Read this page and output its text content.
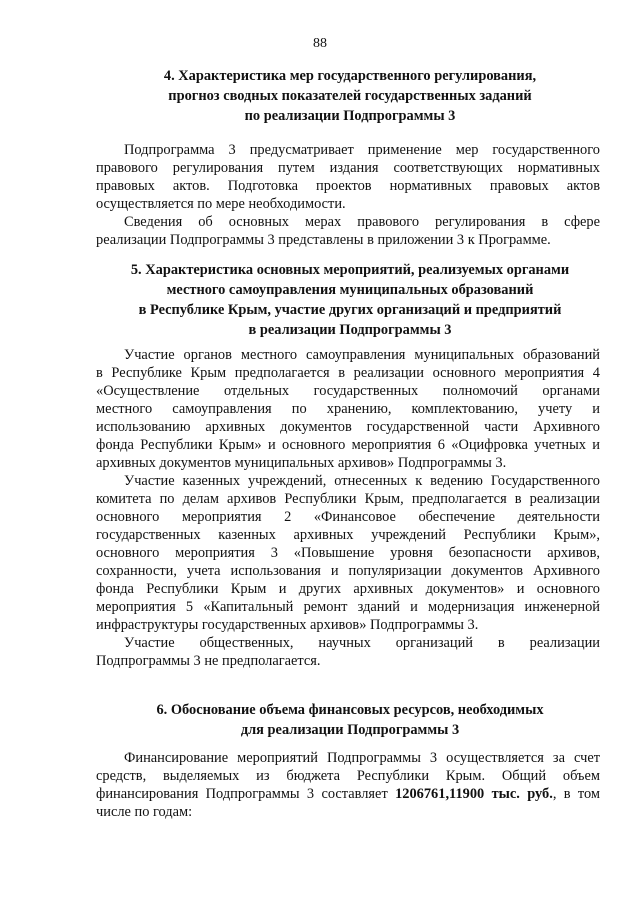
88
4. Характеристика мер государственного регулирования,
прогноз сводных показателей государственных заданий
по реализации Подпрограммы 3
Подпрограмма 3 предусматривает применение мер государственного
правового регулирования путем издания соответствующих нормативных
правовых актов. Подготовка проектов нормативных правовых актов
осуществляется по мере необходимости.
Сведения об основных мерах правового регулирования в сфере
реализации Подпрограммы 3 представлены в приложении 3 к Программе.
5. Характеристика основных мероприятий, реализуемых органами
местного самоуправления муниципальных образований
в Республике Крым, участие других организаций и предприятий
в реализации Подпрограммы 3
Участие органов местного самоуправления муниципальных образований
в Республике Крым предполагается в реализации основного мероприятия 4
«Осуществление отдельных государственных полномочий органами
местного самоуправления по хранению, комплектованию, учету и
использованию архивных документов государственной части Архивного
фонда Республики Крым» и основного мероприятия 6 «Оцифровка учетных и
архивных документов муниципальных архивов» Подпрограммы 3.
Участие казенных учреждений, отнесенных к ведению Государственного
комитета по делам архивов Республики Крым, предполагается в реализации
основного мероприятия 2 «Финансовое обеспечение деятельности
государственных казенных архивных учреждений Республики Крым»,
основного мероприятия 3 «Повышение уровня безопасности архивов,
сохранности, учета использования и популяризации документов Архивного
фонда Республики Крым и других архивных документов» и основного
мероприятия 5 «Капитальный ремонт зданий и модернизация инженерной
инфраструктуры государственных архивов» Подпрограммы 3.
Участие общественных, научных организаций в реализации
Подпрограммы 3 не предполагается.
6. Обоснование объема финансовых ресурсов, необходимых
для реализации Подпрограммы 3
Финансирование мероприятий Подпрограммы 3 осуществляется за счет
средств, выделяемых из бюджета Республики Крым. Общий объем
финансирования Подпрограммы 3 составляет 1206761,11900 тыс. руб., в том
числе по годам:
